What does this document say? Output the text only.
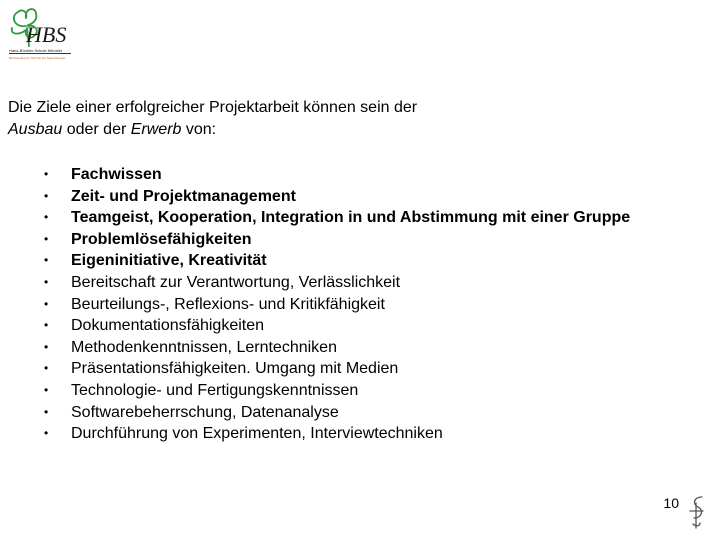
HBS
Hans-Böckler-Schule Münster
Berufskolleg für Technik der Stadt Münster

Die Ziele einer erfolgreicher Projektarbeit können sein der

Ausbau oder der Erwerb von:

• Fachwissen
• Zeit- und Projektmanagement
• Teamgeist, Kooperation, Integration in und Abstimmung mit einer Gruppe
• Problemlösefähigkeiten
• Eigeninitiative, Kreativität
• Bereitschaft zur Verantwortung, Verlässlichkeit
• Beurteilungs-, Reflexions- und Kritikfähigkeit
• Dokumentationsfähigkeiten
• Methodenkenntnissen, Lerntechniken
• Präsentationsfähigkeiten. Umgang mit Medien
• Technologie- und Fertigungskenntnissen
• Softwarebeherrschung, Datenanalyse
• Durchführung von Experimenten, Interviewtechniken
10
